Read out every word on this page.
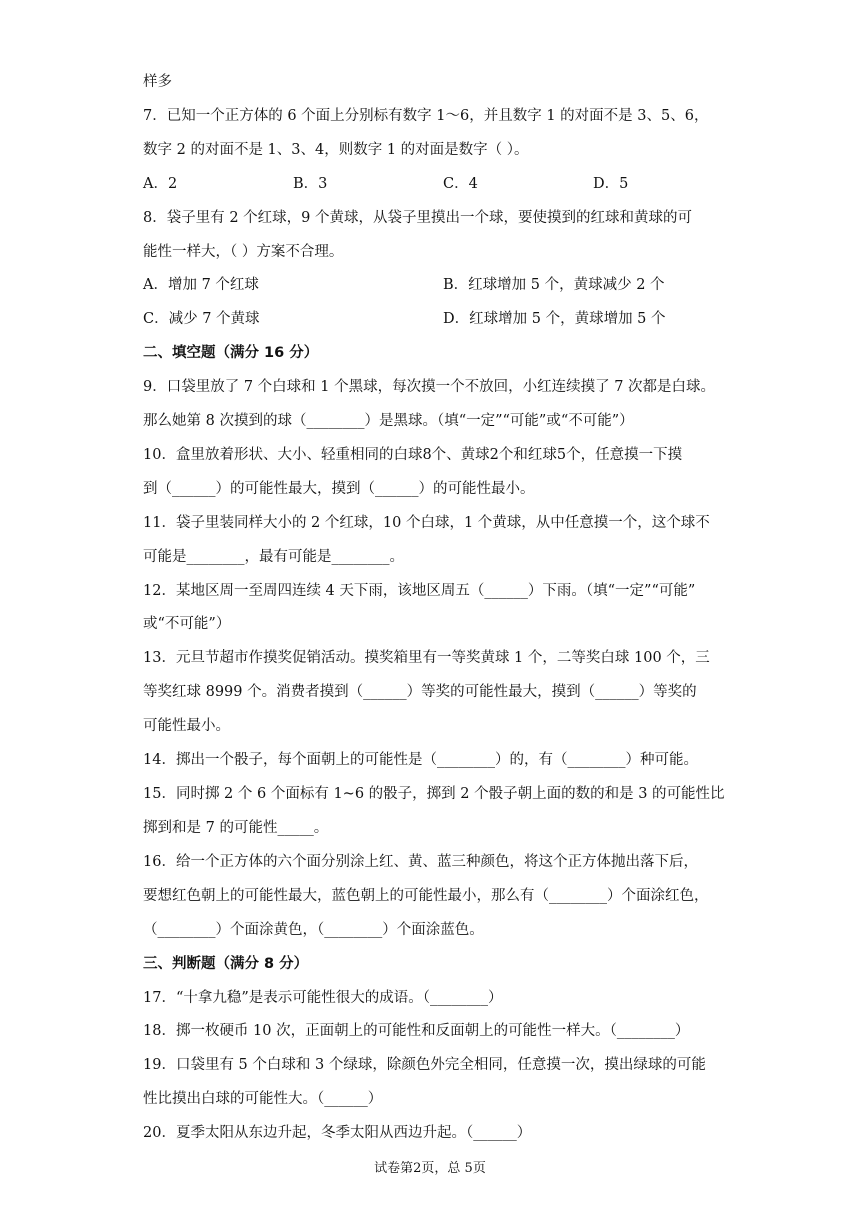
样多
7．已知一个正方体的 6 个面上分别标有数字 1～6，并且数字 1 的对面不是 3、5、6，
数字 2 的对面不是 1、3、4，则数字 1 的对面是数字（ ）。
A．2	B．3	C．4	D．5
8．袋子里有 2 个红球，9 个黄球，从袋子里摸出一个球，要使摸到的红球和黄球的可
能性一样大，（ ）方案不合理。
A．增加 7 个红球	B．红球增加 5 个，黄球减少 2 个
C．减少 7 个黄球	D．红球增加 5 个，黄球增加 5 个
二、填空题（满分 16 分）
9．口袋里放了 7 个白球和 1 个黑球，每次摸一个不放回，小红连续摸了 7 次都是白球。
那么她第 8 次摸到的球（________）是黑球。（填“一定”“可能”或“不可能”）
10．盒里放着形状、大小、轻重相同的白球8个、黄球2个和红球5个，任意摸一下摸
到（______）的可能性最大，摸到（______）的可能性最小。
11．袋子里装同样大小的 2 个红球，10 个白球，1 个黄球，从中任意摸一个，这个球不
可能是________，最有可能是________。
12．某地区周一至周四连续 4 天下雨，该地区周五（______）下雨。（填“一定”“可能”
或“不可能”）
13．元旦节超市作摸奖促销活动。摸奖箱里有一等奖黄球 1 个，二等奖白球 100 个，三
等奖红球 8999 个。消费者摸到（______）等奖的可能性最大，摸到（______）等奖的
可能性最小。
14．掷出一个骰子，每个面朝上的可能性是（________）的，有（________）种可能。
15．同时掷 2 个 6 个面标有 1~6 的骰子，掷到 2 个骰子朝上面的数的和是 3 的可能性比
掷到和是 7 的可能性_____。
16．给一个正方体的六个面分别涂上红、黄、蓝三种颜色，将这个正方体抛出落下后，
要想红色朝上的可能性最大，蓝色朝上的可能性最小，那么有（________）个面涂红色，
（________）个面涂黄色，（________）个面涂蓝色。
三、判断题（满分 8 分）
17．“十拿九稳”是表示可能性很大的成语。（________）
18．掷一枚硬币 10 次，正面朝上的可能性和反面朝上的可能性一样大。（________）
19．口袋里有 5 个白球和 3 个绿球，除颜色外完全相同，任意摸一次，摸出绿球的可能
性比摸出白球的可能性大。（______）
20．夏季太阳从东边升起，冬季太阳从西边升起。（______）
试卷第2页，总 5页
